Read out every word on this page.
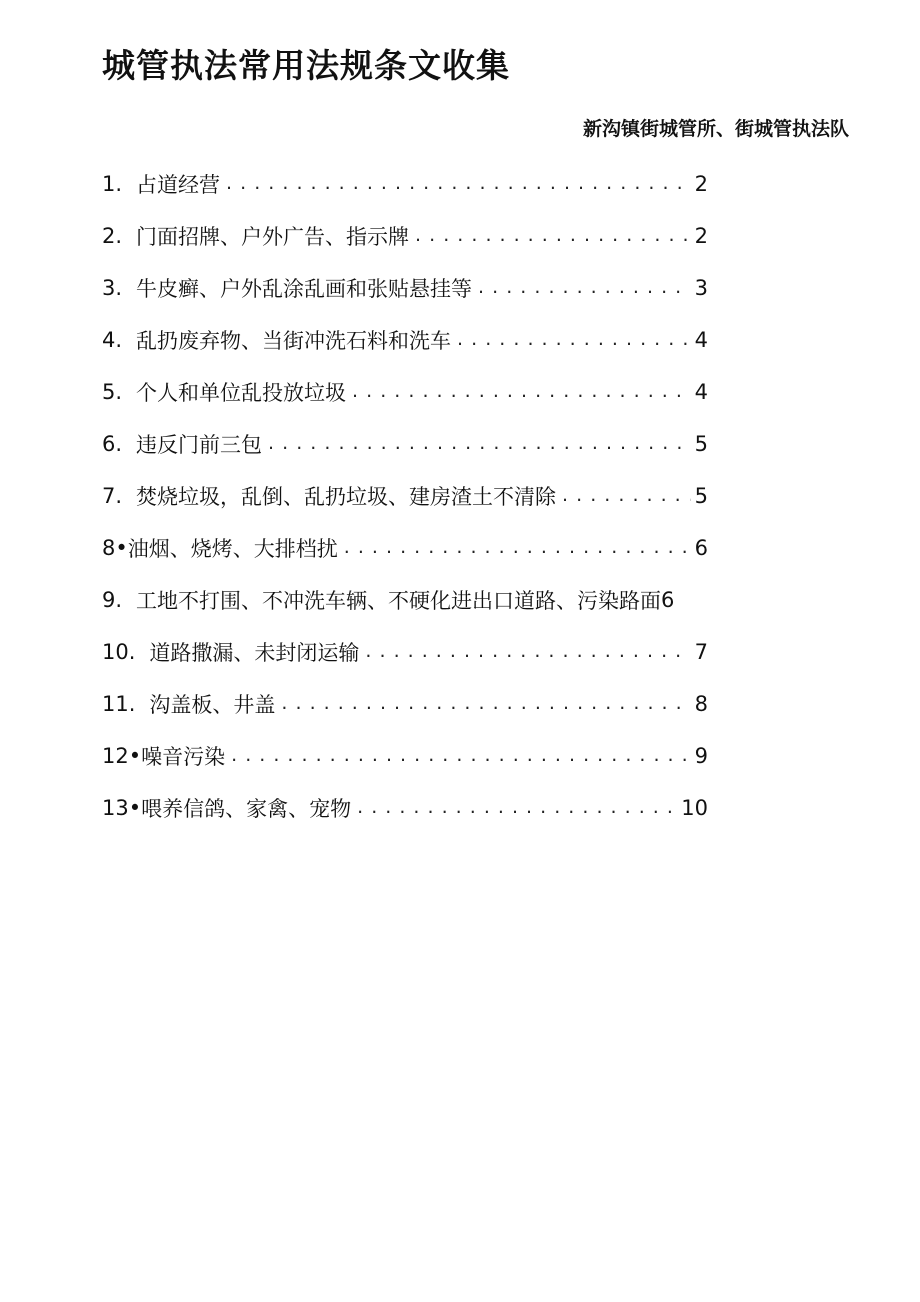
城管执法常用法规条文收集
新沟镇街城管所、街城管执法队
1. 占道经营 . . .	2
2. 门面招牌、户外广告、指示牌 . . .	2
3. 牛皮癣、户外乱涂乱画和张贴悬挂等 . . .	3
4. 乱扔废弃物、当街冲洗石料和洗车 . . .	4
5. 个人和单位乱投放垃圾 . . .	4
6. 违反门前三包 . . .	5
7. 焚烧垃圾，乱倒、乱扔垃圾、建房渣土不清除 . . .	5
8• 油烟、烧烤、大排档扰 . . .	6
9. 工地不打围、不冲洗车辆、不硬化进出口道路、污染路面 6
10. 道路撒漏、未封闭运输 . . .	7
11. 沟盖板、井盖 . . .	8
12• 噪音污染 . . .	9
13• 喂养信鸽、家禽、宠物 . . .	10
